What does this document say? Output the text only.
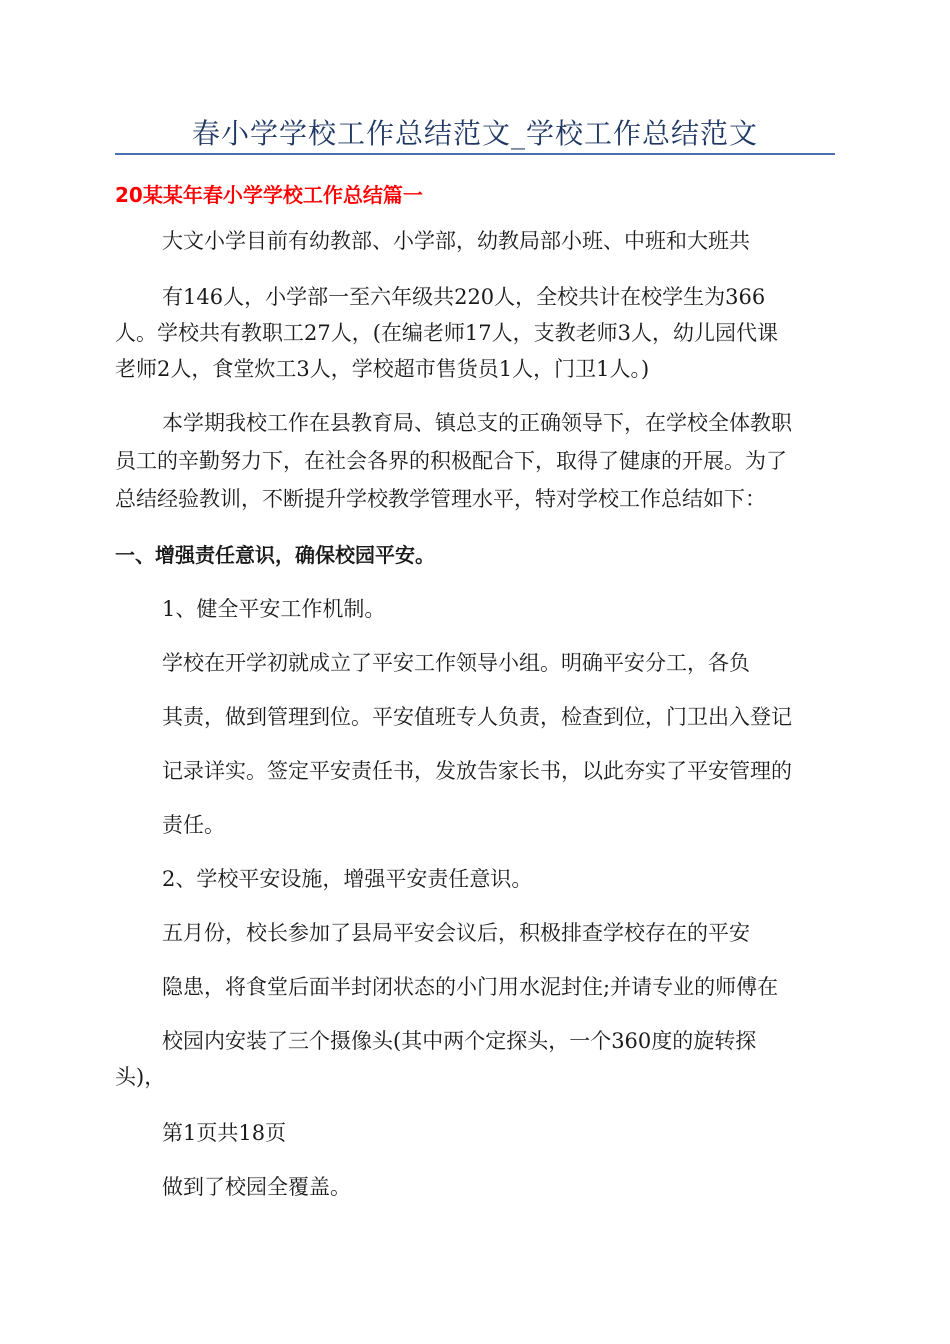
春小学学校工作总结范文_学校工作总结范文
20某某年春小学学校工作总结篇一
大文小学目前有幼教部、小学部，幼教局部小班、中班和大班共
有146人，小学部一至六年级共220人，全校共计在校学生为366
人。学校共有教职工27人，(在编老师17人，支教老师3人，幼儿园代课
老师2人，食堂炊工3人，学校超市售货员1人，门卫1人。)
本学期我校工作在县教育局、镇总支的正确领导下，在学校全体教职
员工的辛勤努力下，在社会各界的积极配合下，取得了健康的开展。为了
总结经验教训，不断提升学校教学管理水平，特对学校工作总结如下：
一、增强责任意识，确保校园平安。
1、健全平安工作机制。
学校在开学初就成立了平安工作领导小组。明确平安分工，各负
其责，做到管理到位。平安值班专人负责，检查到位，门卫出入登记
记录详实。签定平安责任书，发放告家长书，以此夯实了平安管理的
责任。
2、学校平安设施，增强平安责任意识。
五月份，校长参加了县局平安会议后，积极排查学校存在的平安
隐患，将食堂后面半封闭状态的小门用水泥封住;并请专业的师傅在
校园内安装了三个摄像头(其中两个定探头，一个360度的旋转探
头)，
第1页共18页
做到了校园全覆盖。
